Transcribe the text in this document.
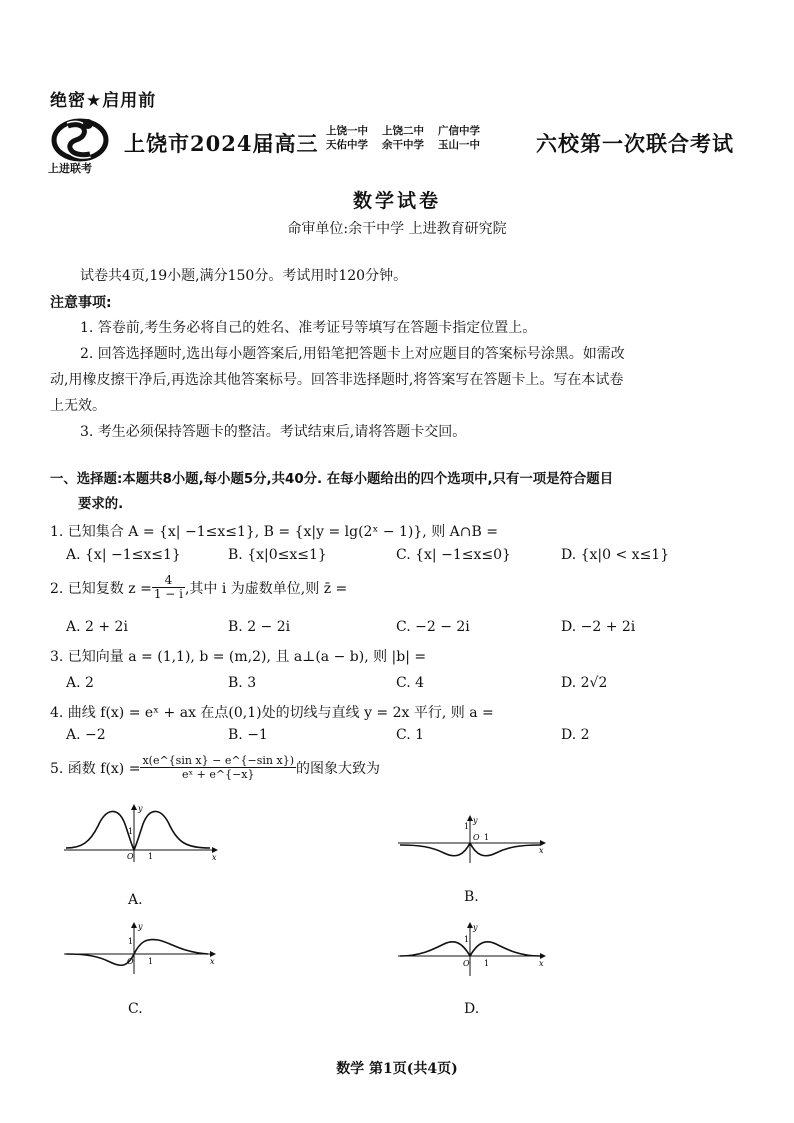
绝密★启用前
上进联考
上饶市2024届高三 上饶一中	上饶二中	广信中学
天佑中学	余干中学	玉山一中	六校第一次联合考试
数学试卷
命审单位:余干中学 上进教育研究院
试卷共4页,19小题,满分150分。考试用时120分钟。
注意事项:
1. 答卷前,考生务必将自己的姓名、准考证号等填写在答题卡指定位置上。
2. 回答选择题时,选出每小题答案后,用铅笔把答题卡上对应题目的答案标号涂黑。如需改
动,用橡皮擦干净后,再选涂其他答案标号。回答非选择题时,将答案写在答题卡上。写在本试卷
上无效。
3. 考生必须保持答题卡的整洁。考试结束后,请将答题卡交回。
一、选择题:本题共8小题,每小题5分,共40分. 在每小题给出的四个选项中,只有一项是符合题目
要求的.
1. 已知集合 A = {x| −1≤x≤1}, B = {x|y = lg(2ˣ − 1)}, 则 A∩B =
A. {x| −1≤x≤1}	B. {x|0≤x≤1}	C. {x| −1≤x≤0}	D. {x|0 < x≤1}
2. 已知复数 $z = \frac{4}{1 - i}$ ,其中 i 为虚数单位,则 z̄ =
A. 2 + 2i	B. 2 − 2i	C. −2 − 2i	D. −2 + 2i
3. 已知向量 a = (1,1), b = (m,2), 且 a⊥(a − b), 则 |b| =
A. 2	B. 3	C. 4	D. 2√2
4. 曲线 f(x) = eˣ + ax 在点(0,1)处的切线与直线 y = 2x 平行, 则 a =
A. −2	B. −1	C. 1	D. 2
5. 函数 $f(x) = \frac{\text{x(e\textasciicircum{}\{sin x\} − e\textasciicircum{}\{−sin x\})}}{\text{eˣ + e\textasciicircum{}\{−x\}}}$ 的图象大致为
y
x
O 1
1
A.
y
x
O 1
1
B.
y
x
O 1
1
C.
y
x
O 1
1
D.
数学 第1页(共4页)
